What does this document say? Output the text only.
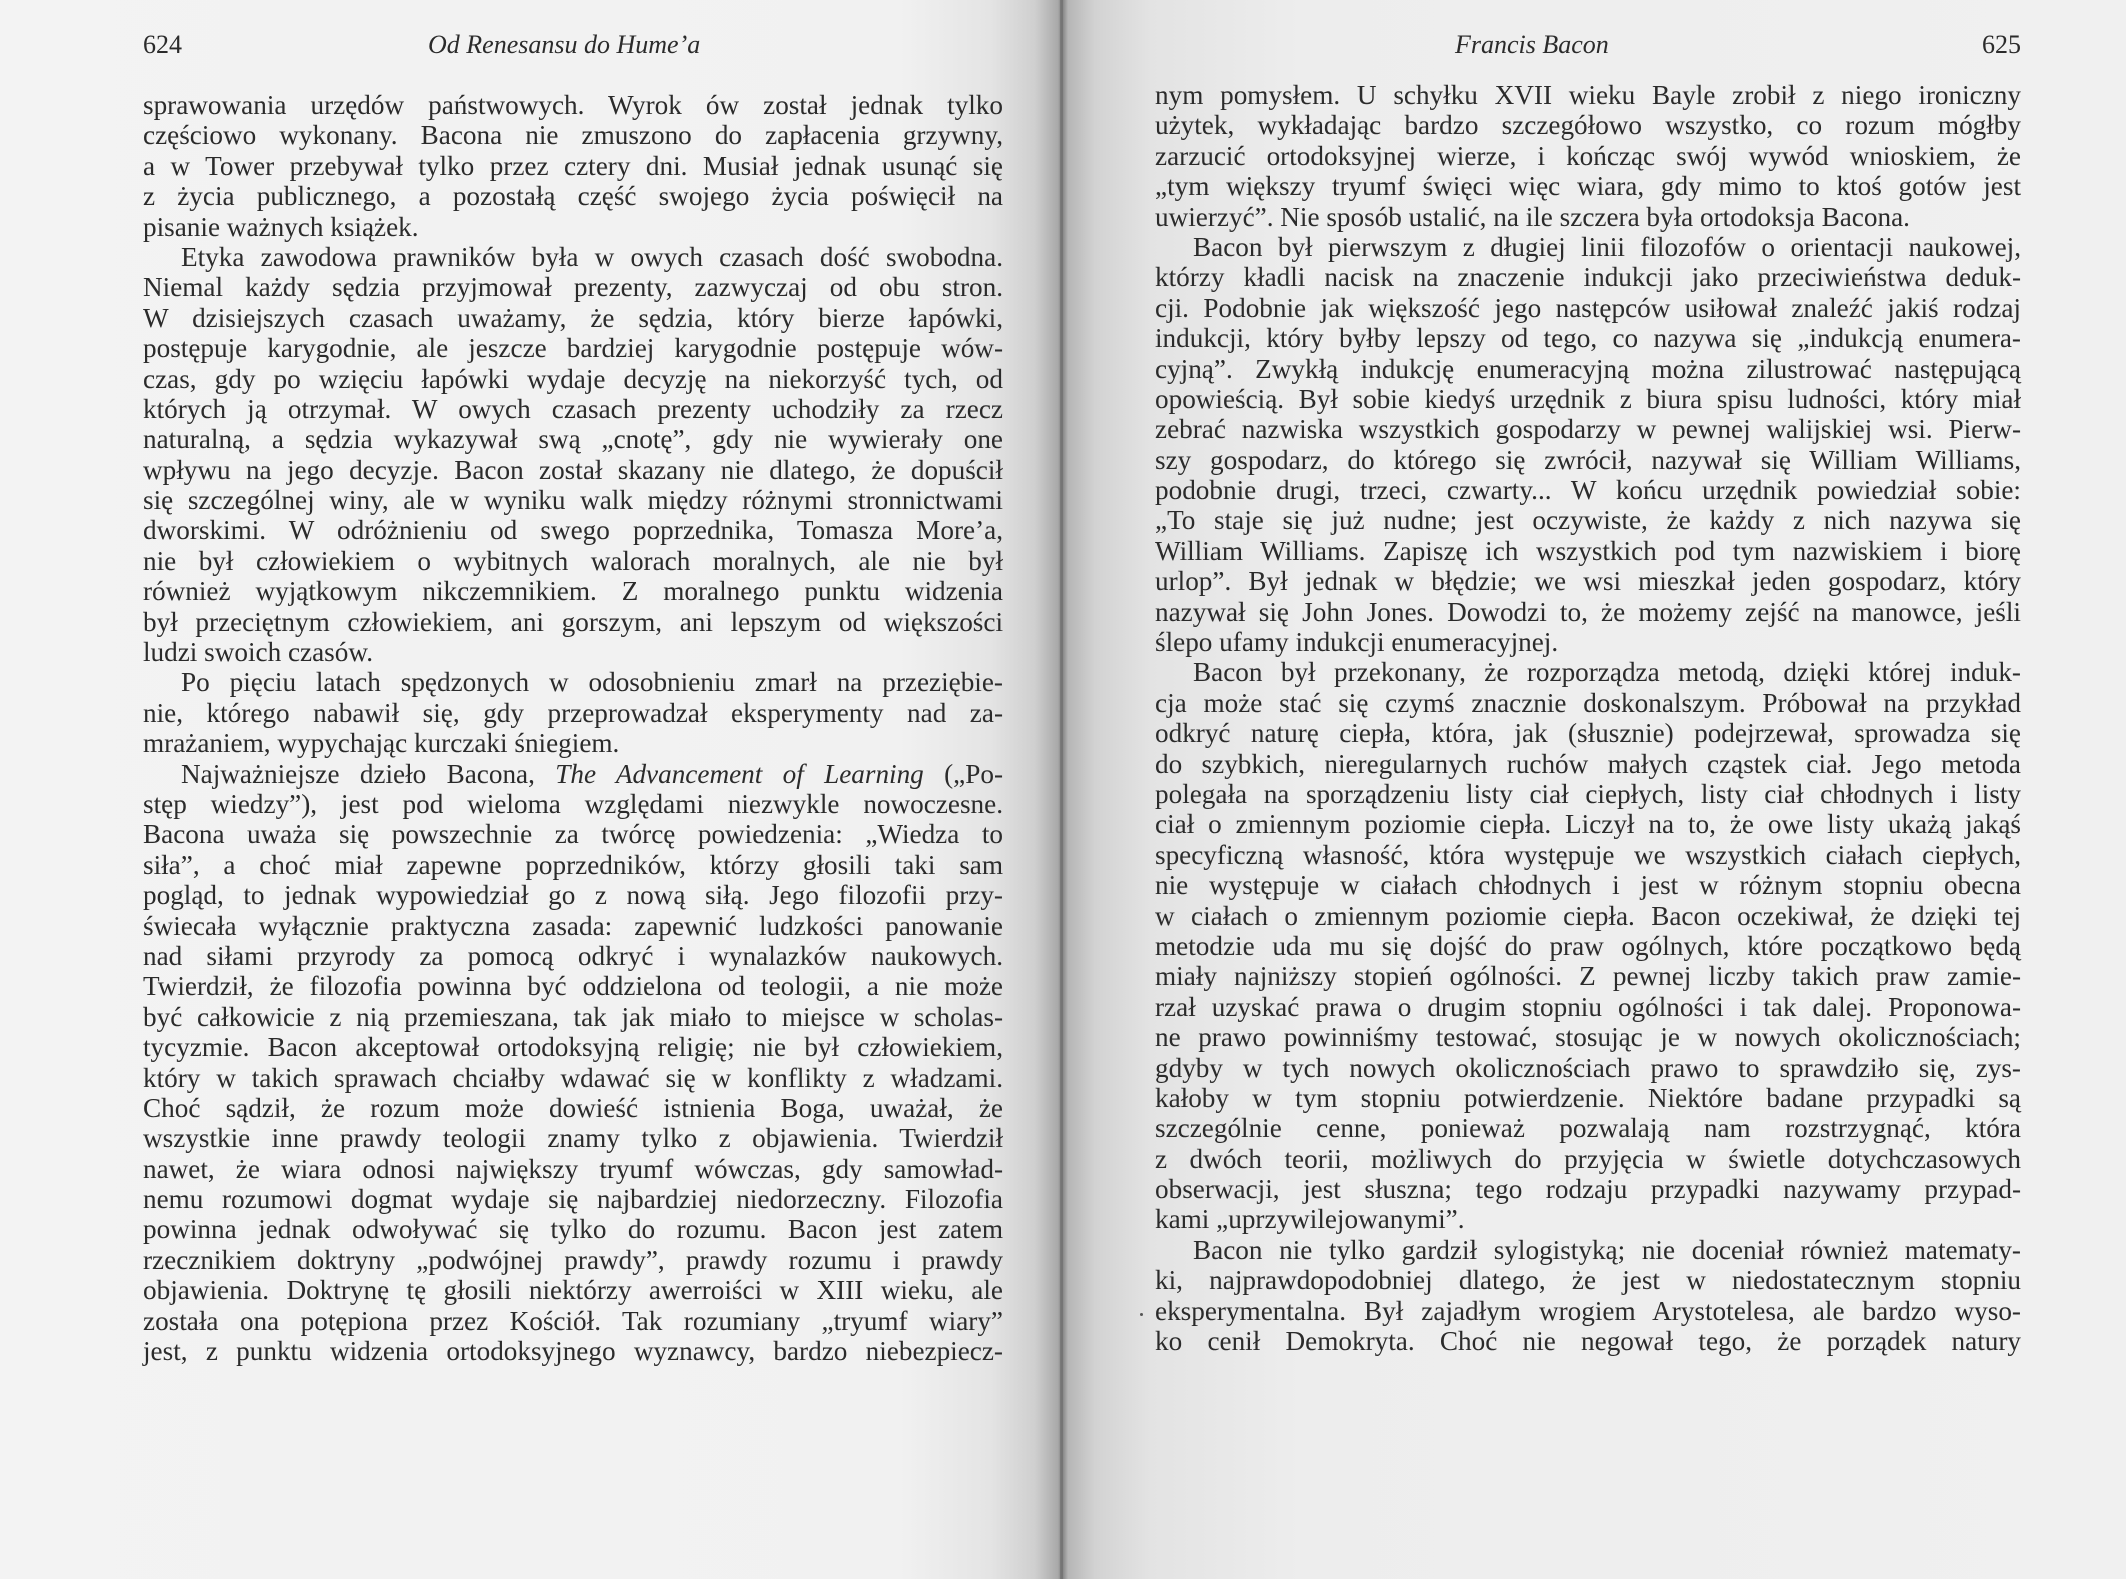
624	Od Renesansu do Hume’a
sprawowania urzędów państwowych. Wyrok ów został jednak tylko
częściowo wykonany. Bacona nie zmuszono do zapłacenia grzywny,
a w Tower przebywał tylko przez cztery dni. Musiał jednak usunąć się
z życia publicznego, a pozostałą część swojego życia poświęcił na
pisanie ważnych książek.
Etyka zawodowa prawników była w owych czasach dość swobodna.
Niemal każdy sędzia przyjmował prezenty, zazwyczaj od obu stron.
W dzisiejszych czasach uważamy, że sędzia, który bierze łapówki,
postępuje karygodnie, ale jeszcze bardziej karygodnie postępuje wów-
czas, gdy po wzięciu łapówki wydaje decyzję na niekorzyść tych, od
których ją otrzymał. W owych czasach prezenty uchodziły za rzecz
naturalną, a sędzia wykazywał swą „cnotę”, gdy nie wywierały one
wpływu na jego decyzje. Bacon został skazany nie dlatego, że dopuścił
się szczególnej winy, ale w wyniku walk między różnymi stronnictwami
dworskimi. W odróżnieniu od swego poprzednika, Tomasza More’a,
nie był człowiekiem o wybitnych walorach moralnych, ale nie był
również wyjątkowym nikczemnikiem. Z moralnego punktu widzenia
był przeciętnym człowiekiem, ani gorszym, ani lepszym od większości
ludzi swoich czasów.
Po pięciu latach spędzonych w odosobnieniu zmarł na przeziębie-
nie, którego nabawił się, gdy przeprowadzał eksperymenty nad za-
mrażaniem, wypychając kurczaki śniegiem.
Najważniejsze dzieło Bacona, The Advancement of Learning („Po-
stęp wiedzy”), jest pod wieloma względami niezwykle nowoczesne.
Bacona uważa się powszechnie za twórcę powiedzenia: „Wiedza to
siła”, a choć miał zapewne poprzedników, którzy głosili taki sam
pogląd, to jednak wypowiedział go z nową siłą. Jego filozofii przy-
świecała wyłącznie praktyczna zasada: zapewnić ludzkości panowanie
nad siłami przyrody za pomocą odkryć i wynalazków naukowych.
Twierdził, że filozofia powinna być oddzielona od teologii, a nie może
być całkowicie z nią przemieszana, tak jak miało to miejsce w scholas-
tycyzmie. Bacon akceptował ortodoksyjną religię; nie był człowiekiem,
który w takich sprawach chciałby wdawać się w konflikty z władzami.
Choć sądził, że rozum może dowieść istnienia Boga, uważał, że
wszystkie inne prawdy teologii znamy tylko z objawienia. Twierdził
nawet, że wiara odnosi największy tryumf wówczas, gdy samowład-
nemu rozumowi dogmat wydaje się najbardziej niedorzeczny. Filozofia
powinna jednak odwoływać się tylko do rozumu. Bacon jest zatem
rzecznikiem doktryny „podwójnej prawdy”, prawdy rozumu i prawdy
objawienia. Doktrynę tę głosili niektórzy awerroiści w XIII wieku, ale
została ona potępiona przez Kościół. Tak rozumiany „tryumf wiary”
jest, z punktu widzenia ortodoksyjnego wyznawcy, bardzo niebezpiecz-
Francis Bacon	625
nym pomysłem. U schyłku XVII wieku Bayle zrobił z niego ironiczny
użytek, wykładając bardzo szczegółowo wszystko, co rozum mógłby
zarzucić ortodoksyjnej wierze, i kończąc swój wywód wnioskiem, że
„tym większy tryumf święci więc wiara, gdy mimo to ktoś gotów jest
uwierzyć”. Nie sposób ustalić, na ile szczera była ortodoksja Bacona.
Bacon był pierwszym z długiej linii filozofów o orientacji naukowej,
którzy kładli nacisk na znaczenie indukcji jako przeciwieństwa deduk-
cji. Podobnie jak większość jego następców usiłował znaleźć jakiś rodzaj
indukcji, który byłby lepszy od tego, co nazywa się „indukcją enumera-
cyjną”. Zwykłą indukcję enumeracyjną można zilustrować następującą
opowieścią. Był sobie kiedyś urzędnik z biura spisu ludności, który miał
zebrać nazwiska wszystkich gospodarzy w pewnej walijskiej wsi. Pierw-
szy gospodarz, do którego się zwrócił, nazywał się William Williams,
podobnie drugi, trzeci, czwarty... W końcu urzędnik powiedział sobie:
„To staje się już nudne; jest oczywiste, że każdy z nich nazywa się
William Williams. Zapiszę ich wszystkich pod tym nazwiskiem i biorę
urlop”. Był jednak w błędzie; we wsi mieszkał jeden gospodarz, który
nazywał się John Jones. Dowodzi to, że możemy zejść na manowce, jeśli
ślepo ufamy indukcji enumeracyjnej.
Bacon był przekonany, że rozporządza metodą, dzięki której induk-
cja może stać się czymś znacznie doskonalszym. Próbował na przykład
odkryć naturę ciepła, która, jak (słusznie) podejrzewał, sprowadza się
do szybkich, nieregularnych ruchów małych cząstek ciał. Jego metoda
polegała na sporządzeniu listy ciał ciepłych, listy ciał chłodnych i listy
ciał o zmiennym poziomie ciepła. Liczył na to, że owe listy ukażą jakąś
specyficzną własność, która występuje we wszystkich ciałach ciepłych,
nie występuje w ciałach chłodnych i jest w różnym stopniu obecna
w ciałach o zmiennym poziomie ciepła. Bacon oczekiwał, że dzięki tej
metodzie uda mu się dojść do praw ogólnych, które początkowo będą
miały najniższy stopień ogólności. Z pewnej liczby takich praw zamie-
rzał uzyskać prawa o drugim stopniu ogólności i tak dalej. Proponowa-
ne prawo powinniśmy testować, stosując je w nowych okolicznościach;
gdyby w tych nowych okolicznościach prawo to sprawdziło się, zys-
kałoby w tym stopniu potwierdzenie. Niektóre badane przypadki są
szczególnie cenne, ponieważ pozwalają nam rozstrzygnąć, która
z dwóch teorii, możliwych do przyjęcia w świetle dotychczasowych
obserwacji, jest słuszna; tego rodzaju przypadki nazywamy przypad-
kami „uprzywilejowanymi”.
Bacon nie tylko gardził sylogistyką; nie doceniał również matematy-
ki, najprawdopodobniej dlatego, że jest w niedostatecznym stopniu
eksperymentalna. Był zajadłym wrogiem Arystotelesa, ale bardzo wyso-
ko cenił Demokryta. Choć nie negował tego, że porządek natury
